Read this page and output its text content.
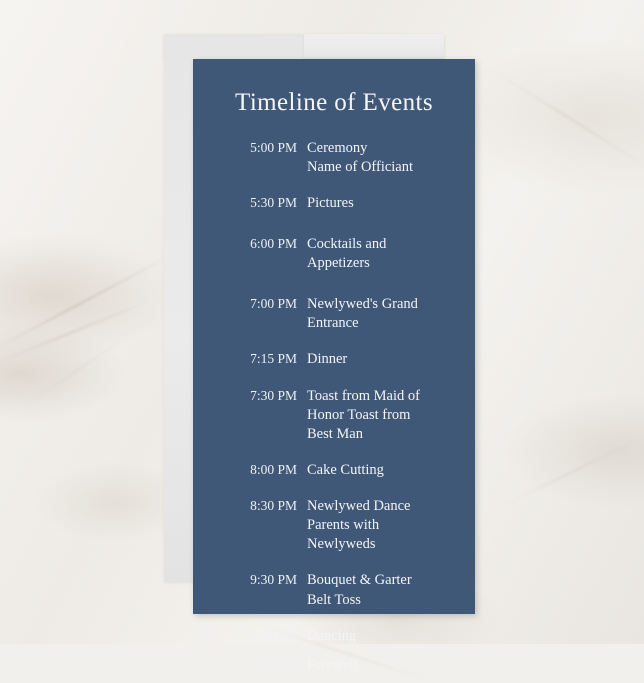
Timeline of Events
5:00 PM Ceremony
Name of Officiant
5:30 PM Pictures
6:00 PM Cocktails and
Appetizers
7:00 PM Newlywed's Grand
Entrance
7:15 PM Dinner
7:30 PM Toast from Maid of
Honor Toast from
Best Man
8:00 PM Cake Cutting
8:30 PM Newlywed Dance
Parents with
Newlyweds
9:30 PM Bouquet & Garter
Belt Toss
10:00 PM Dancing
11:00 PM Farewell
